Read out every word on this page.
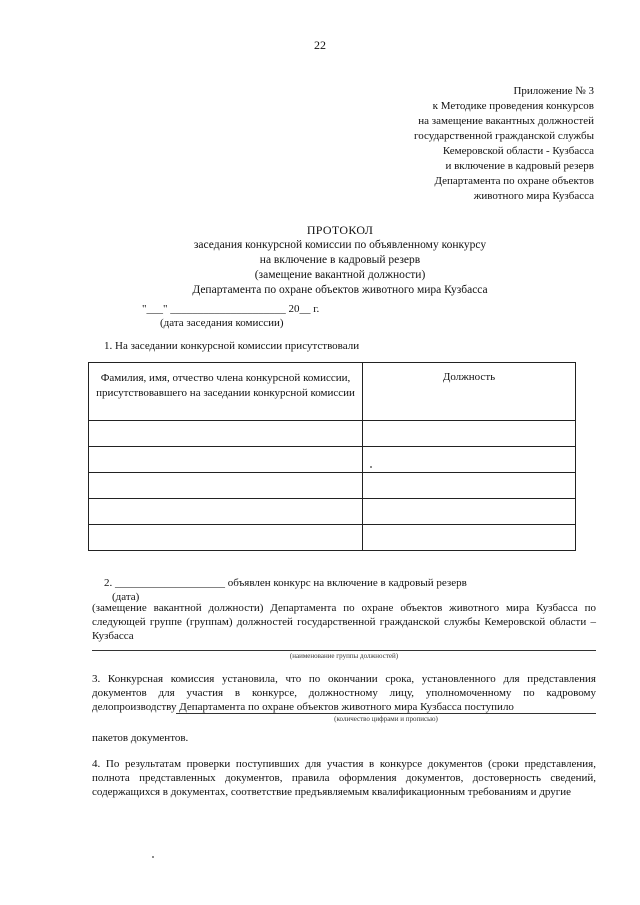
22
Приложение № 3
к Методике проведения конкурсов
на замещение вакантных должностей
государственной гражданской службы
Кемеровской области - Кузбасса
и включение в кадровый резерв
Департамента по охране объектов
животного мира Кузбасса
ПРОТОКОЛ
заседания конкурсной комиссии по объявленному конкурсу
на включение в кадровый резерв
(замещение вакантной должности)
Департамента по охране объектов животного мира Кузбасса
"___" _____________________ 20__ г.
(дата заседания комиссии)
1. На заседании конкурсной комиссии присутствовали
Фамилия, имя, отчество члена конкурсной комиссии, присутствовавшего на заседании конкурсной комиссии	Должность

2. ____________________ объявлен конкурс на включение в кадровый резерв
(дата)
(замещение вакантной должности) Департамента по охране объектов животного мира Кузбасса по следующей группе (группам) должностей государственной гражданской службы Кемеровской области – Кузбасса
(наименование группы должностей)
3. Конкурсная комиссия установила, что по окончании срока, установленного для представления документов для участия в конкурсе, должностному лицу, уполномоченному по кадровому делопроизводству Департамента по охране объектов животного мира Кузбасса поступило
(количество цифрами и прописью)
пакетов документов.
4. По результатам проверки поступивших для участия в конкурсе документов (сроки представления, полнота представленных документов, правила оформления документов, достоверность сведений, содержащихся в документах, соответствие предъявляемым квалификационным требованиям и другие
